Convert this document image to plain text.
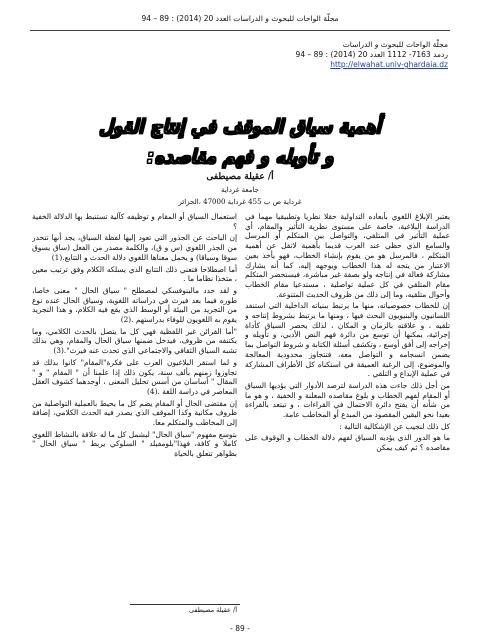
مجلّة الواحات للبحوث و الدراسات العدد 20 (2014) : 89 – 94
مجلّة الواحات للبحوث و الدراسات
ردمد 7163- 1112 العدد 20 (2014) : 89 – 94
http://elwahat.univ-ghardaia.dz
أهمية سياق الموقف في إنتاج القول
و تأويله و فهم مقاصده:
أ/ عقيلة مصيطفى
جامعة غرداية
غرداية ص ب 455 غرداية 47000 ،الجزائر

يعتبر الإبلاغ اللغوي بأبعاده التداولية حقلا نظريا وتطبيقيا مهما في الدراسة البلاغية، خاصة على مستوى نظرية التأثير والمقام، أي عملية التأثير في المتلقي، والتواصل بين المتكلم أو المرسل والسامع الذي حظي عند العرب قديما بأهمية لاتقل عن أهمية المتكلم ، فالمرسل هو من يقوم بإنشاء الخطاب، فهو يأخذ بعين الاعتبار من يتجه له هذا الخطاب ويوجهه إليه، كما أنه يشارك مشاركة فعالة في إنتاجه ولو بصفة غير مباشرة، فيستحضر المتكلم مقام المتلقي في كل عملية تواصلية ، مستدعيا مقام الخطاب وأحوال متلقيه، وما إلى ذلك من ظروف الحديث المتنوعة.

إن للخطاب خصوصياته، منها ما يرتبط ببنياته الداخلية التي استنفد اللسانيون والبنيويون البحث فيها ، ومنها ما يرتبط بشروط إنتاجه و تلقيه ، و علاقته بالزمان و المكان ، لذلك يحصر السياق كأداة إجرائية، يمكنها أن توسع من دائرة فهم النص الأدبي، و تأويله و إخراجه إلى أفق أوسع ، وتكشف أسئلة الكتابة و شروط التواصل بما يضمن انسجامه و التواصل معه، فتتجاوز محدودية المعالجة والموضوع، إلى الرغبة العميقة في استكناه كل الأطراف المشاركة في عملية الإبداع و التلقي .

من أجل ذلك جاءت هذه الدراسة لترصد الأدوار التي يؤديها السياق أو المقام لفهم الخطاب و بلوغ مقاصده المعلنة و الخفية ، و هو ما من شأنه أن يفتح دائرة الاحتمال في القراءات ، و تبتعد بالقراءة بعيدا نحو اليقين المقصود من المبدع أو المخاطب عامة.

كل ذلك لنجيب عن الإشكالية التالية :

ما هو الدور الذي يؤديه السياق لفهم دلالة الخطاب و الوقوف على مقاصده ؟ ثم كيف يمكن

استعمال السياق أو المقام و توظيفه كآلية تستنبط بها الدلالة الخفية ؟

إن الباحث عن الجذور التي تعود إليها لفظة السياق، يجد أنها تنحدر من الجذر اللغوي (س و ق)، والكلمة مصدر من الفعل (ساق يسوق سوقا وسياقا) و يحمل معناها اللغوي دلالة الحدث و التتابع.(1)

أما اصطلاحا فتعني ذلك التتابع الذي يسلكه الكلام وفق ترتيب معين ، متخذا نظاما ما .

و لقد حدد مالينوفسكي لمصطلح " سياق الحال " معنى خاصا، طوره فيما بعد فيرث في دراساته اللغوية، وسياق الحال عنده نوع من التجريد من البيئة أو الوسط الذي يقع فيه الكلام، و هذا التجريد يقوم به اللغويون للوفاء بدراستهم .(2)

"أما القرائن غير اللفظية فهي كل ما يتصل بالحدث الكلامي، وما يكتنفه من ظروف، فيدخل ضمنها سياق الحال والمقام، وهي بذلك تشبه السياق الثقافي والاجتماعي الذي تحدث عنه فيرث".(3)

و لما استقر البلاغيون العرب على فكرة"المقام" كانوا بذلك قد تجاوزوا زمنهم بألف سنة، يكون ذلك إذا علمنا أن " المقام " و " المقال " أساسان من أسس تحليل المعنى ، أوجدهما كشوف العقل المعاصر في دراسة اللغة .(4)

إن مقتضى الحال أو المقام يضم كل ما يحيط بالعملية التواصلية من ظروف مكانية وكذا الموقف الذي يصدر فيه الحدث الكلامي، إضافة إلى المخاطب والمتكلم معا.

بتوسع مفهوم "سياق الحال" ليشمل كل ما له علاقة بالنشاط اللغوي كاملا و كافة، فهذا"بلومفيلد " السلوكي يربط " سياق الحال " بظواهر تتعلق بالحياة

أ/ عقيلة مصيطفى
- 89 -
